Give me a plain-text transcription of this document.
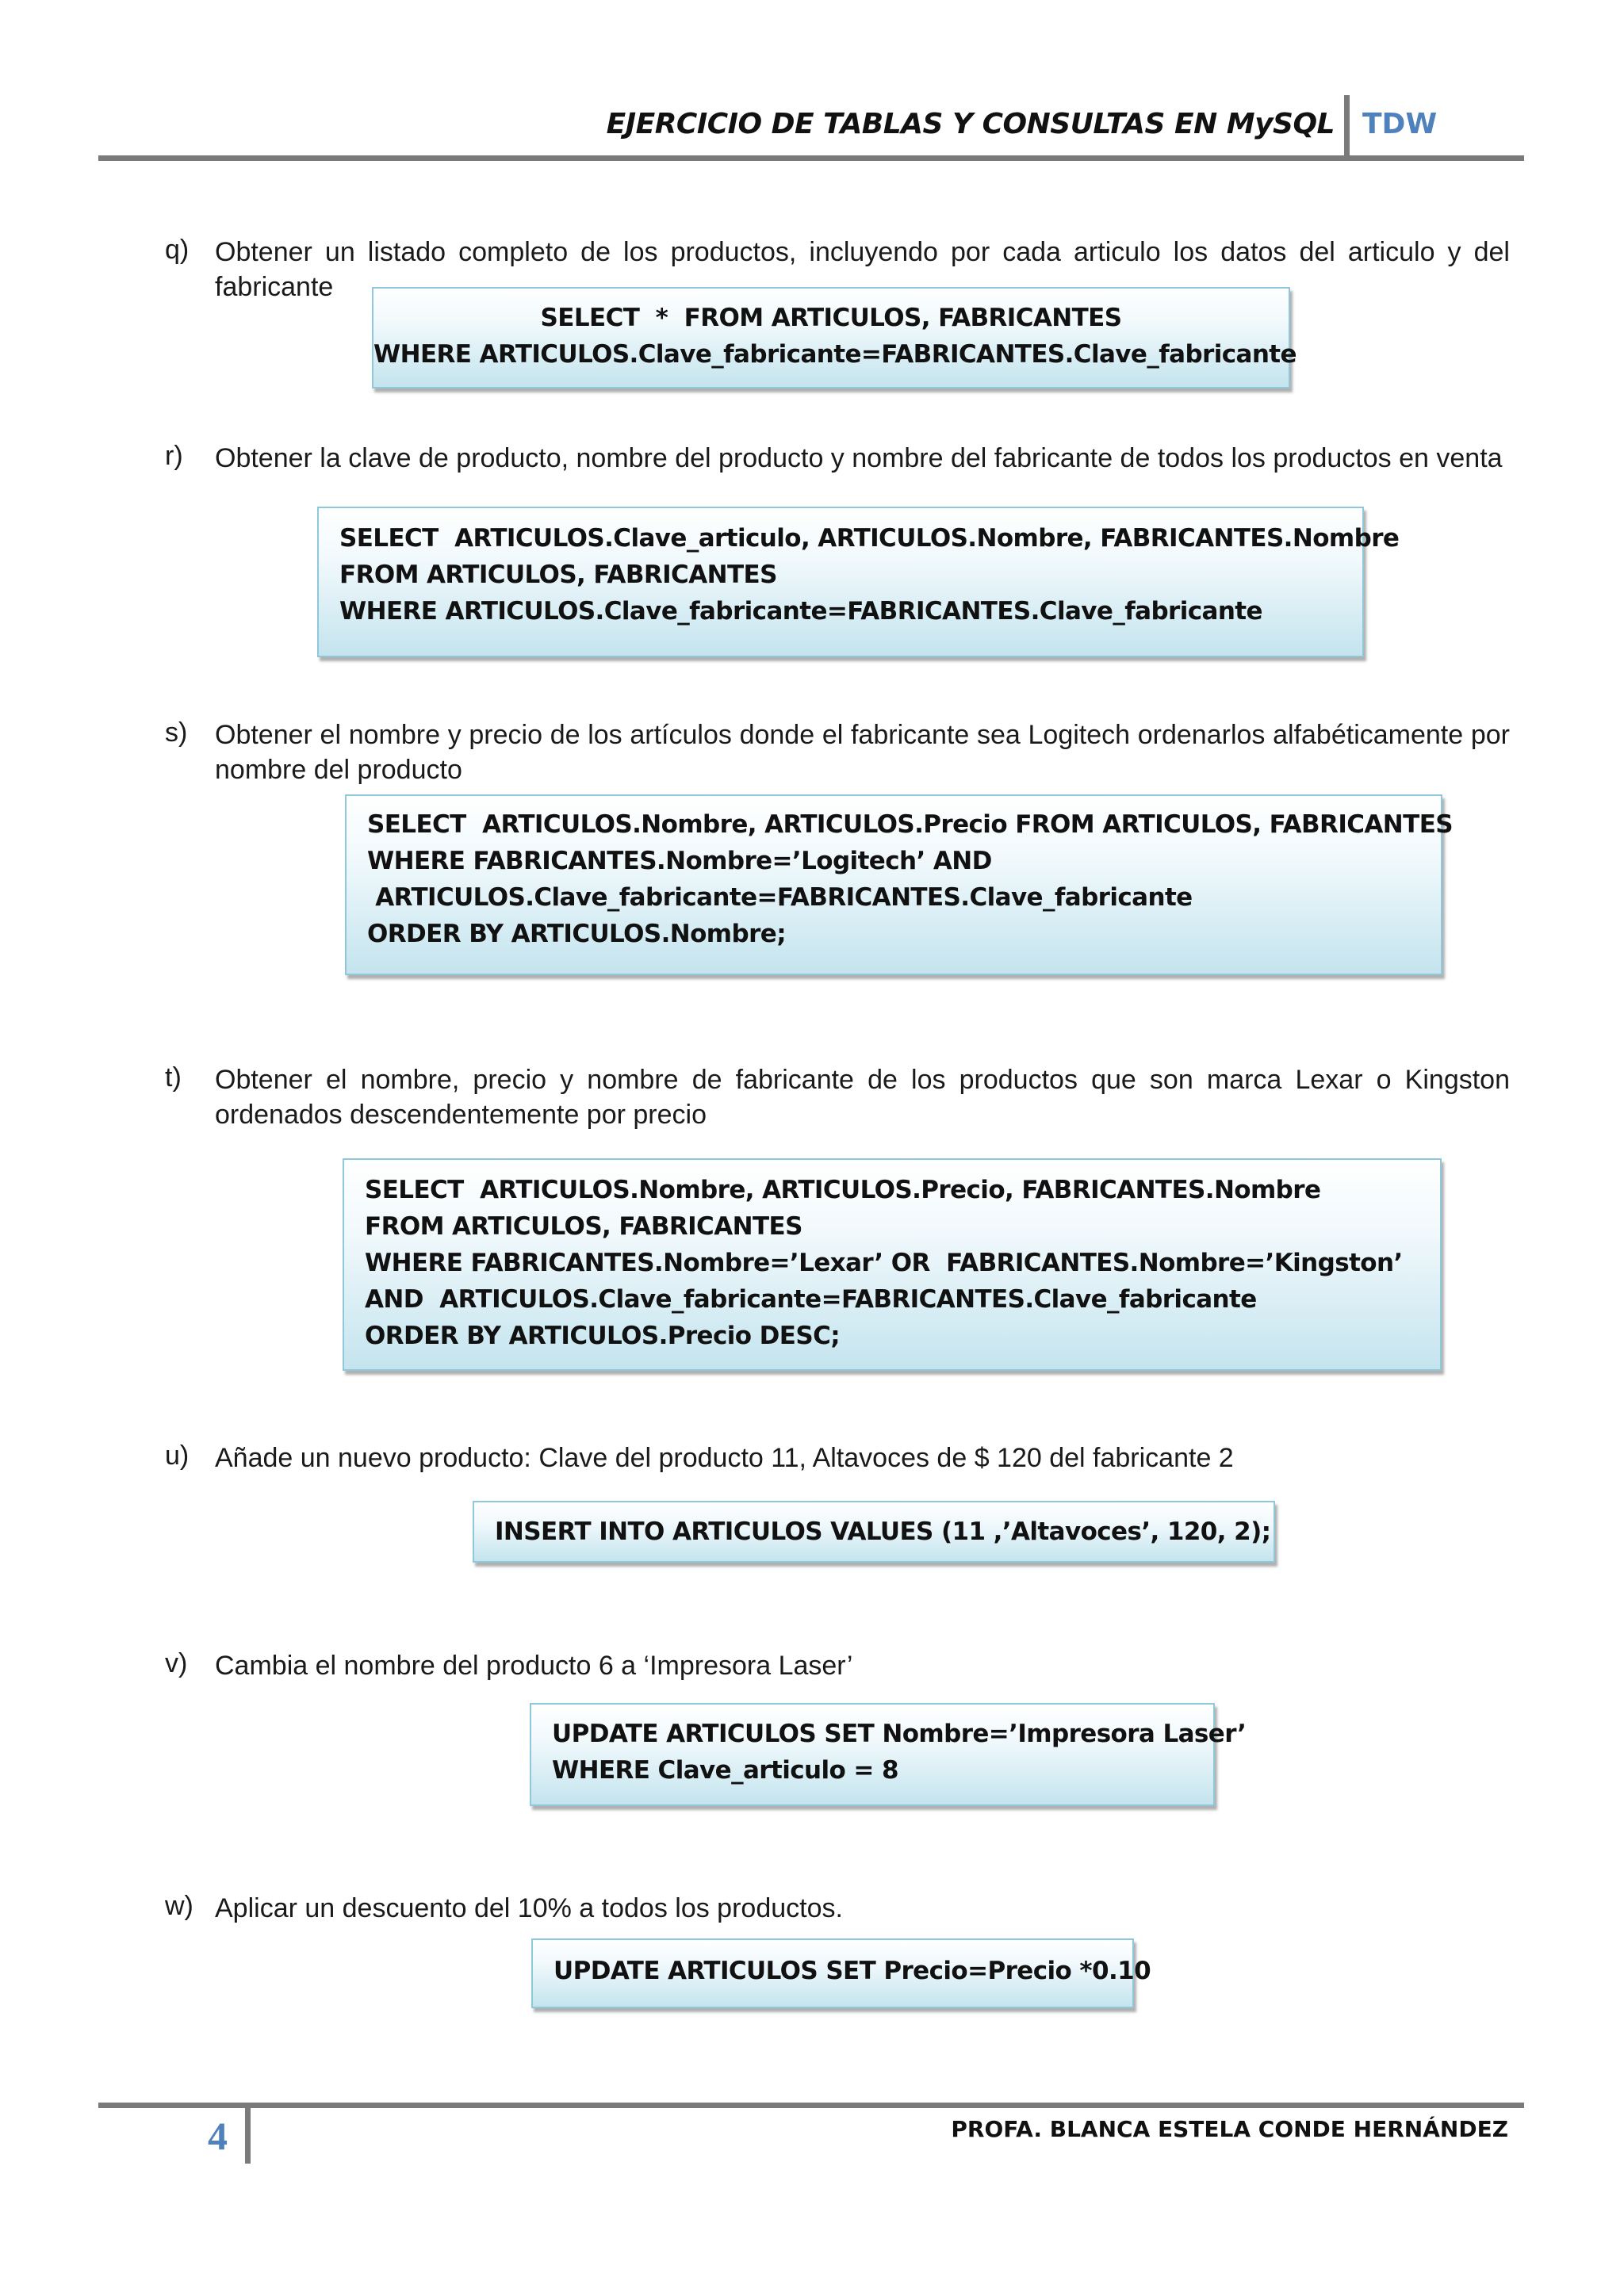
EJERCICIO DE TABLAS Y CONSULTAS EN MySQL TDW
q) Obtener un listado completo de los productos, incluyendo por cada articulo los datos del articulo y del fabricante
SELECT  *  FROM ARTICULOS, FABRICANTES
WHERE ARTICULOS.Clave_fabricante=FABRICANTES.Clave_fabricante
r) Obtener la clave de producto, nombre del producto y nombre del fabricante de todos los productos en venta
SELECT  ARTICULOS.Clave_articulo, ARTICULOS.Nombre, FABRICANTES.Nombre
FROM ARTICULOS, FABRICANTES
WHERE ARTICULOS.Clave_fabricante=FABRICANTES.Clave_fabricante
s) Obtener el nombre y precio de los artículos donde el fabricante sea Logitech ordenarlos alfabéticamente por nombre del producto
SELECT  ARTICULOS.Nombre, ARTICULOS.Precio FROM ARTICULOS, FABRICANTES
WHERE FABRICANTES.Nombre=’Logitech’ AND
ARTICULOS.Clave_fabricante=FABRICANTES.Clave_fabricante
ORDER BY ARTICULOS.Nombre;
t) Obtener el nombre, precio y nombre de fabricante de los productos que son marca Lexar o Kingston ordenados descendentemente por precio
SELECT  ARTICULOS.Nombre, ARTICULOS.Precio, FABRICANTES.Nombre
FROM ARTICULOS, FABRICANTES
WHERE FABRICANTES.Nombre=’Lexar’ OR  FABRICANTES.Nombre=’Kingston’
AND  ARTICULOS.Clave_fabricante=FABRICANTES.Clave_fabricante
ORDER BY ARTICULOS.Precio DESC;
u) Añade un nuevo producto: Clave del producto 11, Altavoces de $ 120 del fabricante 2
INSERT INTO ARTICULOS VALUES (11 ,’Altavoces’, 120, 2);
v) Cambia el nombre del producto 6 a ‘Impresora Laser’
UPDATE ARTICULOS SET Nombre=’Impresora Laser’
WHERE Clave_articulo = 8
w) Aplicar un descuento del 10% a todos los productos.
UPDATE ARTICULOS SET Precio=Precio *0.10
4	PROFA. BLANCA ESTELA CONDE HERNÁNDEZ
